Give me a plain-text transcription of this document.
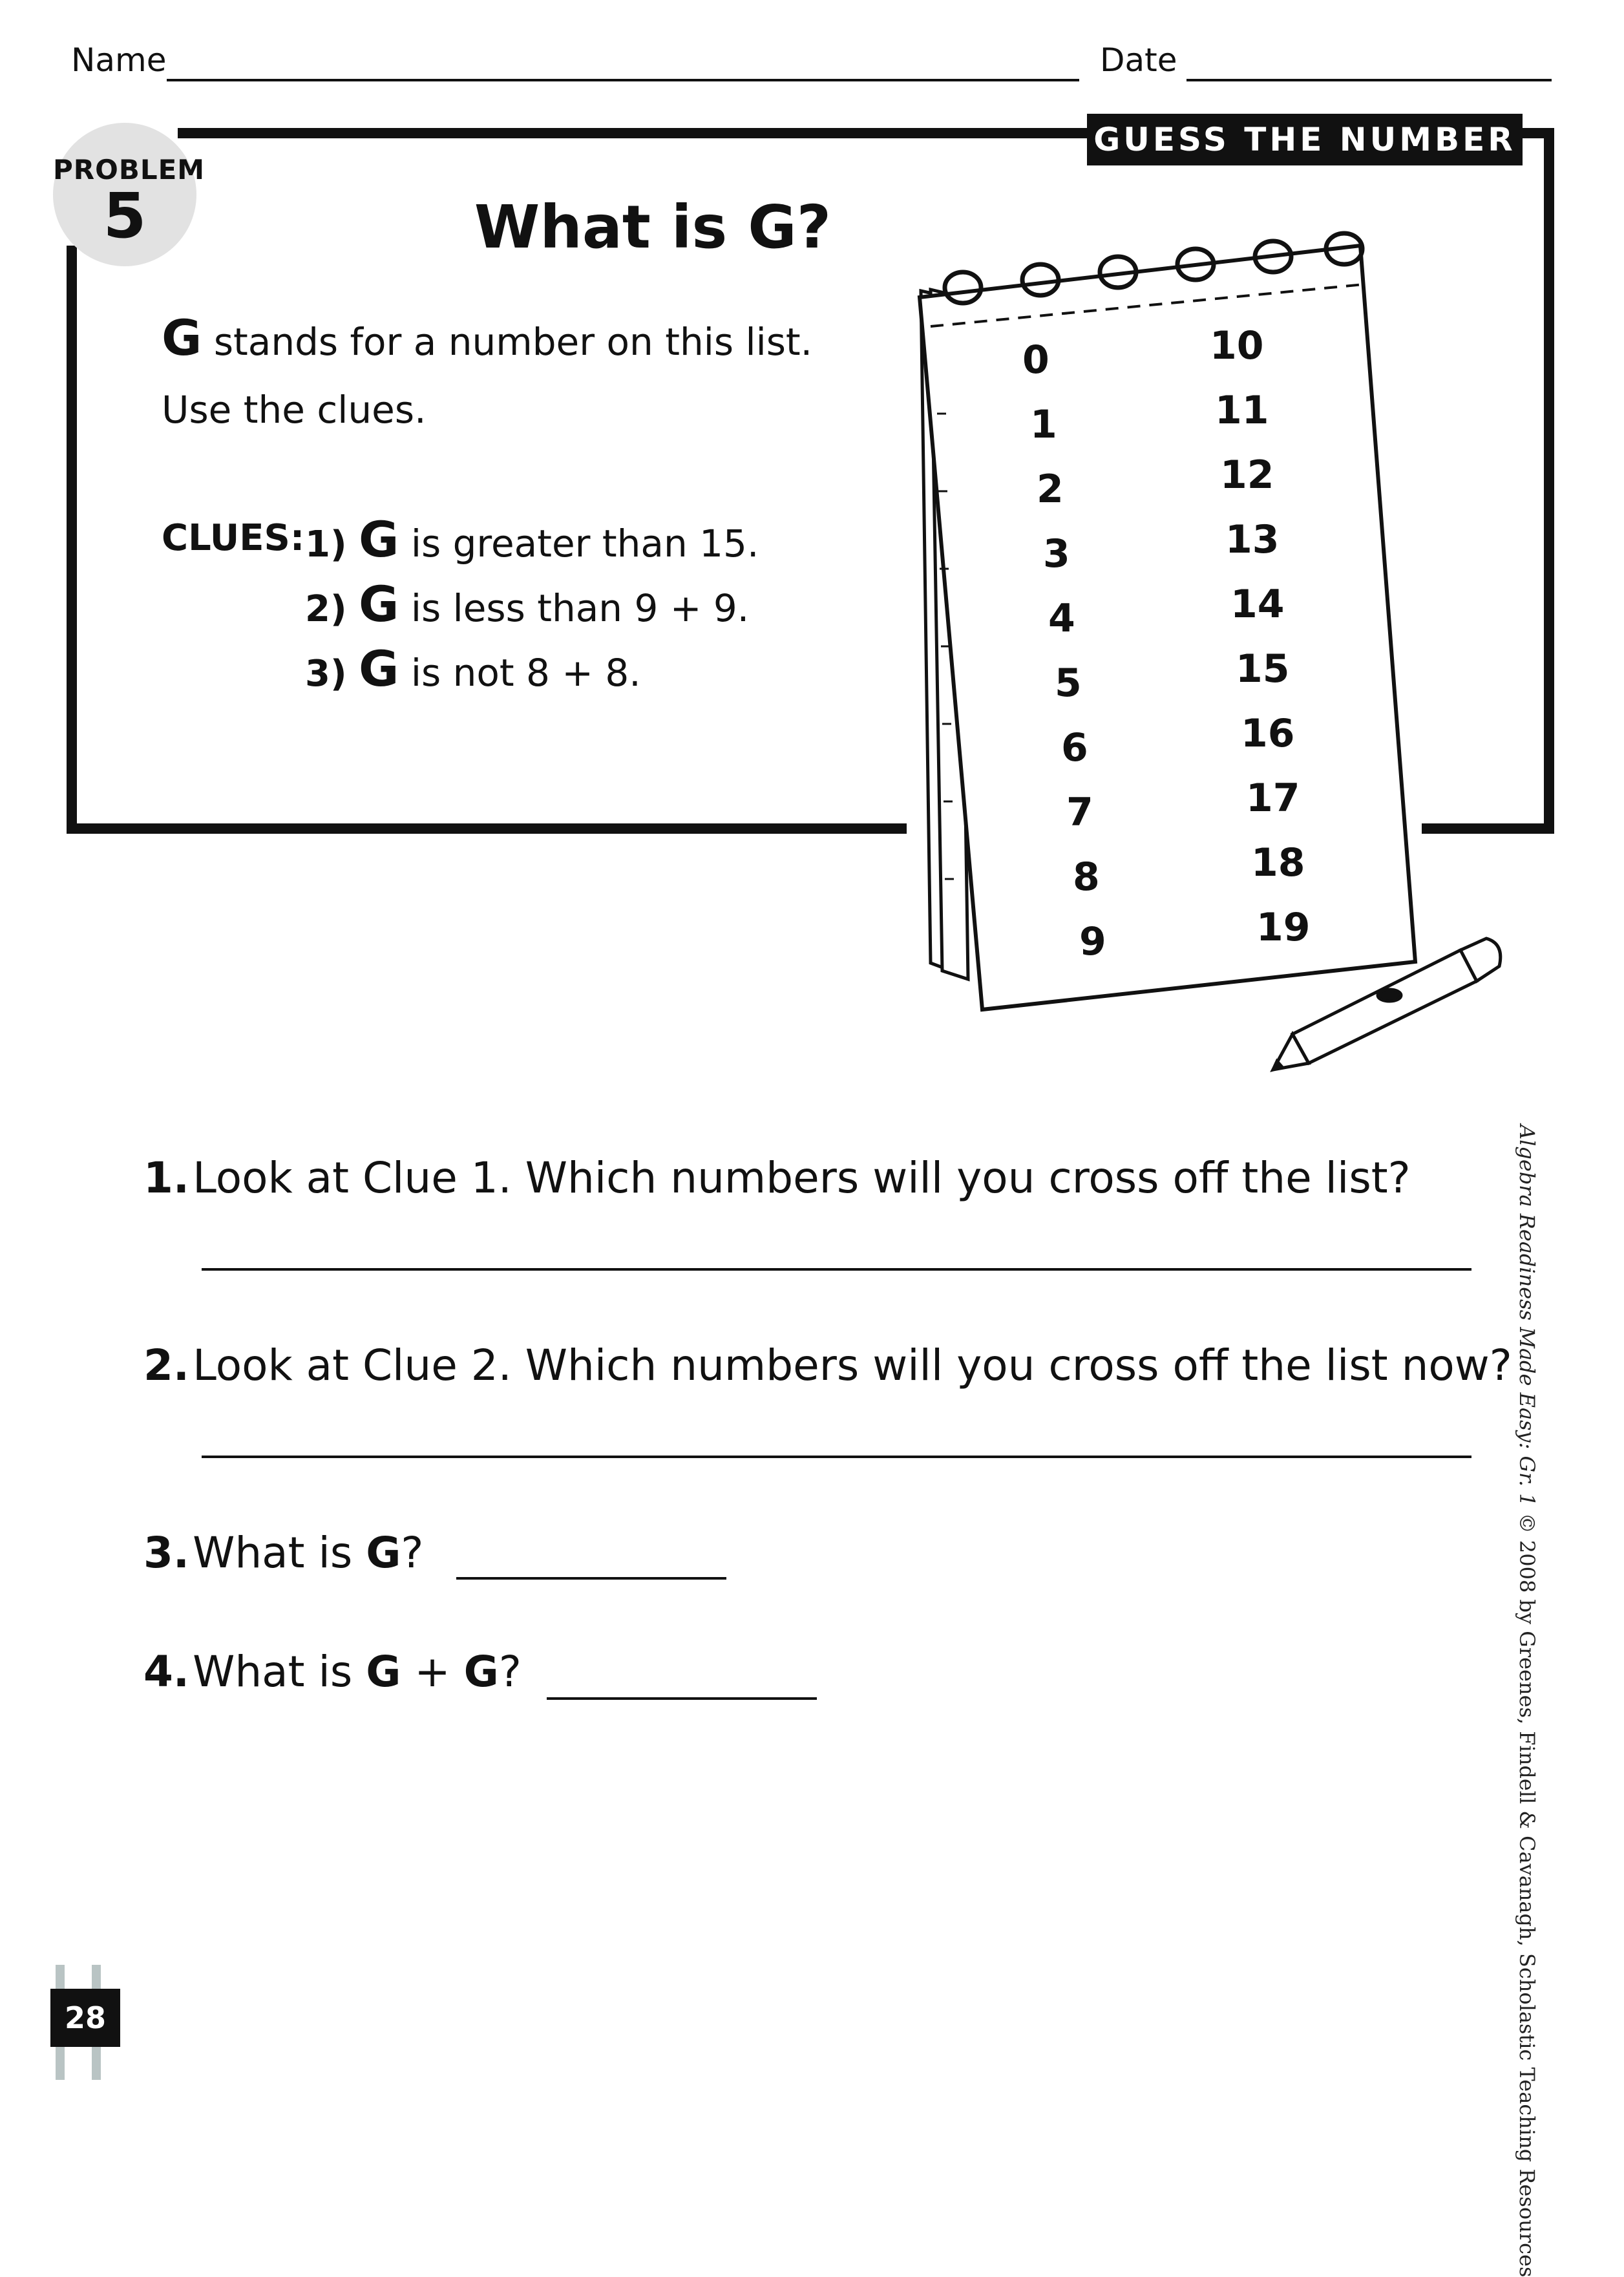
Name	Date
PROBLEM
5
GUESS THE NUMBER
What is G?
G stands for a number on this list.
Use the clues.
CLUES: 1) G is greater than 15.
2) G is less than 9 + 9.
3) G is not 8 + 8.
0
1
2
3
4
5
6
7
8
9
10
11
12
13
14
15
16
17
18
19
1. Look at Clue 1. Which numbers will you cross off the list?
2. Look at Clue 2. Which numbers will you cross off the list now?
3. What is G?
4. What is G + G?
Algebra Readiness Made Easy: Gr. 1 © 2008 by Greenes, Findell & Cavanagh, Scholastic Teaching Resources
28
